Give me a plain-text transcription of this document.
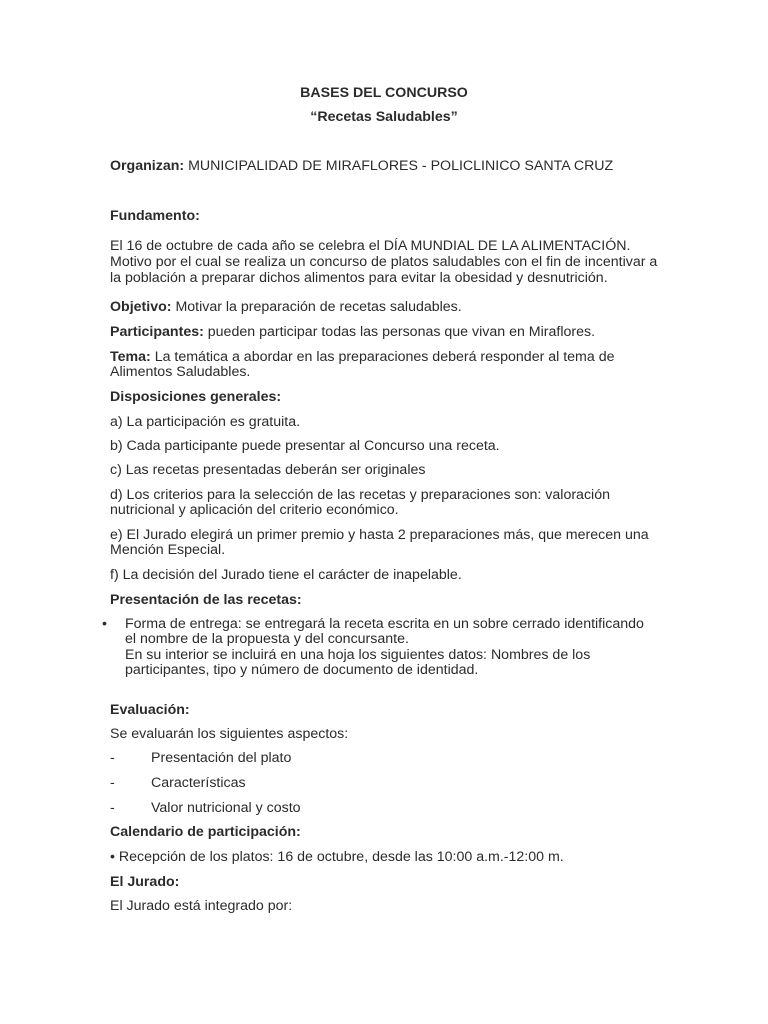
BASES DEL CONCURSO
“Recetas Saludables”
Organizan: MUNICIPALIDAD DE MIRAFLORES - POLICLINICO SANTA CRUZ
Fundamento:
El 16 de octubre de cada año se celebra el DÍA MUNDIAL DE LA ALIMENTACIÓN.
Motivo por el cual se realiza un concurso de platos saludables con el fin de incentivar a
la población a preparar dichos alimentos para evitar la obesidad y desnutrición.
Objetivo: Motivar la preparación de recetas saludables.
Participantes: pueden participar todas las personas que vivan en Miraflores.
Tema: La temática a abordar en las preparaciones deberá responder al tema de
Alimentos Saludables.
Disposiciones generales:
a) La participación es gratuita.
b) Cada participante puede presentar al Concurso una receta.
c) Las recetas presentadas deberán ser originales
d) Los criterios para la selección de las recetas y preparaciones son: valoración
nutricional y aplicación del criterio económico.
e) El Jurado elegirá un primer premio y hasta 2 preparaciones más, que merecen una
Mención Especial.
f) La decisión del Jurado tiene el carácter de inapelable.
Presentación de las recetas:
• Forma de entrega: se entregará la receta escrita en un sobre cerrado identificando
el nombre de la propuesta y del concursante.
En su interior se incluirá en una hoja los siguientes datos: Nombres de los
participantes, tipo y número de documento de identidad.
Evaluación:
Se evaluarán los siguientes aspectos:
-	Presentación del plato
-	Características
-	Valor nutricional y costo
Calendario de participación:
• Recepción de los platos: 16 de octubre, desde las 10:00 a.m.-12:00 m.
El Jurado:
El Jurado está integrado por:
